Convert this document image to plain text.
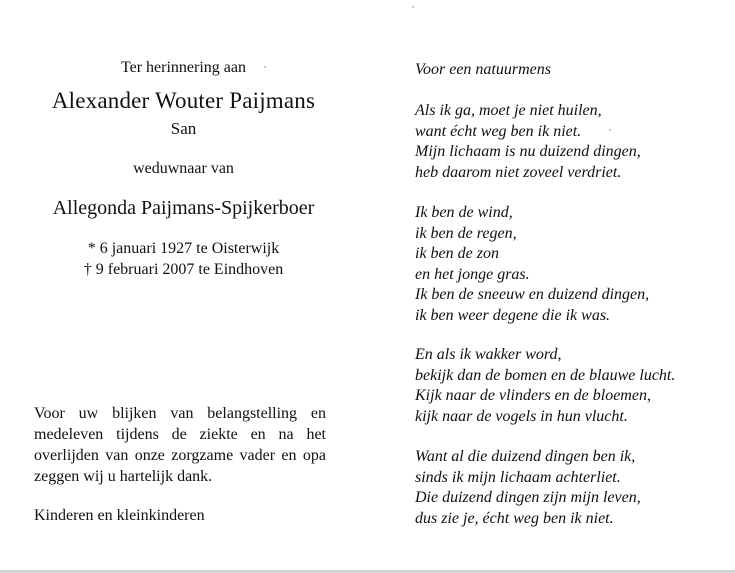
Ter herinnering aan
Alexander Wouter Paijmans
San
weduwnaar van
Allegonda Paijmans-Spijkerboer
* 6 januari 1927 te Oisterwijk
† 9 februari 2007 te Eindhoven
Voor uw blijken van belangstelling en
medeleven tijdens de ziekte en na het
overlijden van onze zorgzame vader en opa
zeggen wij u hartelijk dank.
Kinderen en kleinkinderen
Voor een natuurmens
Als ik ga, moet je niet huilen,
want écht weg ben ik niet.
Mijn lichaam is nu duizend dingen,
heb daarom niet zoveel verdriet.
Ik ben de wind,
ik ben de regen,
ik ben de zon
en het jonge gras.
Ik ben de sneeuw en duizend dingen,
ik ben weer degene die ik was.
En als ik wakker word,
bekijk dan de bomen en de blauwe lucht.
Kijk naar de vlinders en de bloemen,
kijk naar de vogels in hun vlucht.
Want al die duizend dingen ben ik,
sinds ik mijn lichaam achterliet.
Die duizend dingen zijn mijn leven,
dus zie je, écht weg ben ik niet.
